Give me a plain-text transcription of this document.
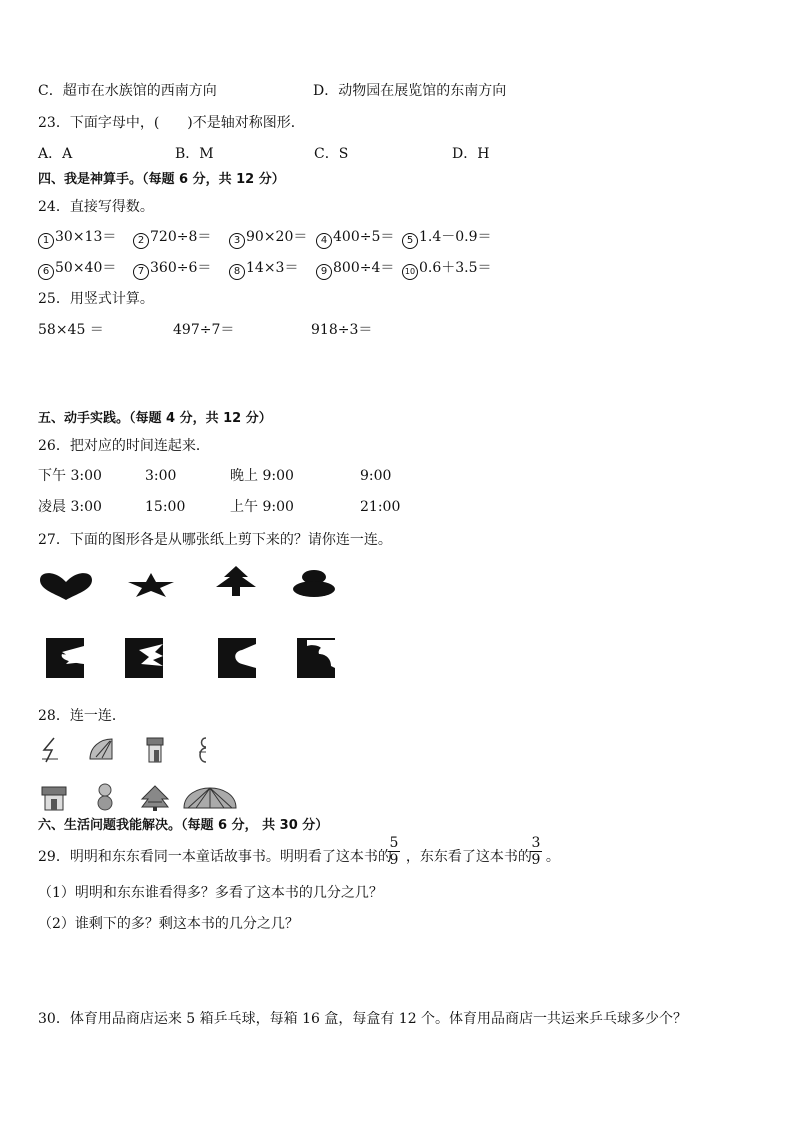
C．超市在水族馆的西南方向	D．动物园在展览馆的东南方向
23．下面字母中，(　　)不是轴对称图形．
A．A	B．M	C．S	D．H
四、我是神算手。（每题 6 分，共 12 分）
24．直接写得数。
1 30×13＝	2 720÷8＝	3 90×20＝	4 400÷5＝	5 1.4－0.9＝
6 50×40＝	7 360÷6＝	8 14×3＝	9 800÷4＝	10 0.6＋3.5＝
25．用竖式计算。
58×45 ＝	497÷7＝	918÷3＝
五、动手实践。（每题 4 分，共 12 分）
26．把对应的时间连起来．
下午 3:00	3:00	晚上 9:00	9:00
凌晨 3:00	15:00	上午 9:00	21:00
27．下面的图形各是从哪张纸上剪下来的？请你连一连。
28．连一连．
六、生活问题我能解决。（每题 6 分， 共 30 分）
29．明明和东东看同一本童话故事书。明明看了这本书的 ，东东看了这本书的 。
5
9
3
9
（1）明明和东东谁看得多？多看了这本书的几分之几？
（2）谁剩下的多？剩这本书的几分之几？
30．体育用品商店运来 5 箱乒乓球，每箱 16 盒，每盒有 12 个。体育用品商店一共运来乒乓球多少个？
